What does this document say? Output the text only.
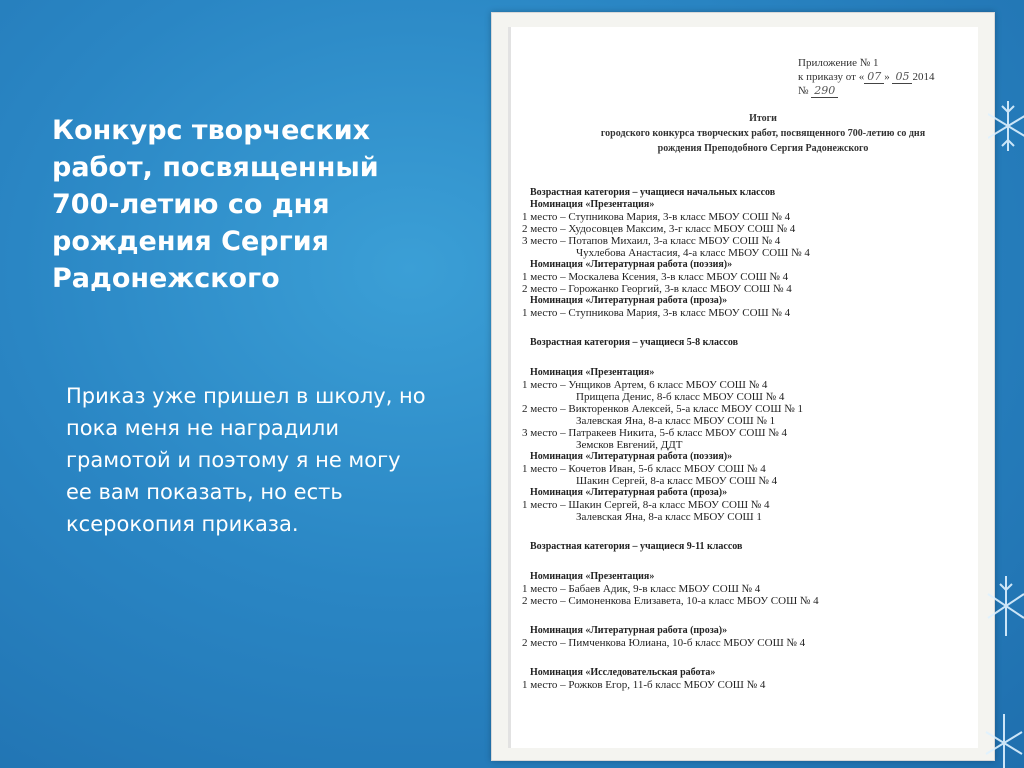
Конкурс творческих работ, посвященный 700-летию со дня рождения Сергия Радонежского
Приказ уже пришел в школу, но пока меня не наградили грамотой и поэтому я не могу ее вам показать, но есть ксерокопия приказа.
Приложение № 1
к приказу от « 07 » 05 2014
№ 290
Итоги
городского конкурса творческих работ, посвященного 700-летию со дня
рождения Преподобного Сергия Радонежского
Возрастная категория – учащиеся начальных классов
Номинация «Презентация»
1 место – Ступникова Мария, 3-в класс МБОУ СОШ № 4
2 место – Худосовцев Максим, 3-г класс МБОУ СОШ № 4
3 место – Потапов Михаил, 3-а класс МБОУ СОШ № 4
Чухлебова Анастасия, 4-а класс МБОУ СОШ № 4
Номинация «Литературная работа (поэзия)»
1 место – Москалева Ксения, 3-в класс МБОУ СОШ № 4
2 место – Горожанко Георгий, 3-в класс МБОУ СОШ № 4
Номинация «Литературная работа (проза)»
1 место – Ступникова Мария, 3-в класс МБОУ СОШ № 4
Возрастная категория – учащиеся 5-8 классов
Номинация «Презентация»
1 место – Унщиков Артем, 6 класс МБОУ СОШ № 4
Прищепа Денис, 8-б класс МБОУ СОШ № 4
2 место – Викторенков Алексей, 5-а класс МБОУ СОШ № 1
Залевская Яна, 8-а класс МБОУ СОШ № 1
3 место – Патракеев Никита, 5-б класс МБОУ СОШ № 4
Земсков Евгений, ДДТ
Номинация «Литературная работа (поэзия)»
1 место – Кочетов Иван, 5-б класс МБОУ СОШ № 4
Шакин Сергей, 8-а класс МБОУ СОШ № 4
Номинация «Литературная работа (проза)»
1 место – Шакин Сергей, 8-а класс МБОУ СОШ № 4
Залевская Яна, 8-а класс МБОУ СОШ 1
Возрастная категория – учащиеся 9-11 классов
Номинация «Презентация»
1 место – Бабаев Адик, 9-в класс МБОУ СОШ № 4
2 место – Симоненкова Елизавета, 10-а класс МБОУ СОШ № 4
Номинация «Литературная работа (проза)»
2 место – Пимченкова Юлиана, 10-б класс МБОУ СОШ № 4
Номинация «Исследовательская работа»
1 место – Рожков Егор, 11-б класс МБОУ СОШ № 4
